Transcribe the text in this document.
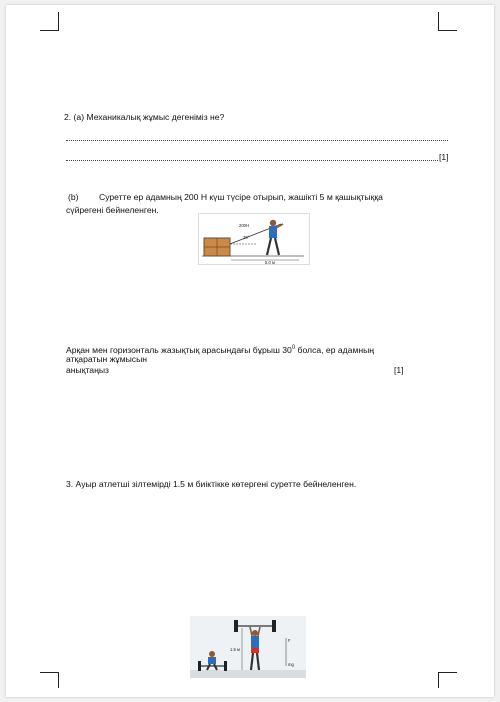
2. (а) Механикалық жұмыс дегеніміз не?
[1]
(b) Суретте ер адамның 200 Н күш түсіре отырып, жашікті 5 м қашықтыққа
сүйрегені бейнеленген.
200Н
30°
5.0 м
Арқан мен горизонталь жазықтық арасындағы бұрыш $30^0$ болса, ер адамның
атқаратын жұмысын
анықтаңыз	[1]
3. Ауыр атлетші зілтемірді 1.5 м биіктікке көтергені суретте бейнеленген.
1.5 м
F
mg
